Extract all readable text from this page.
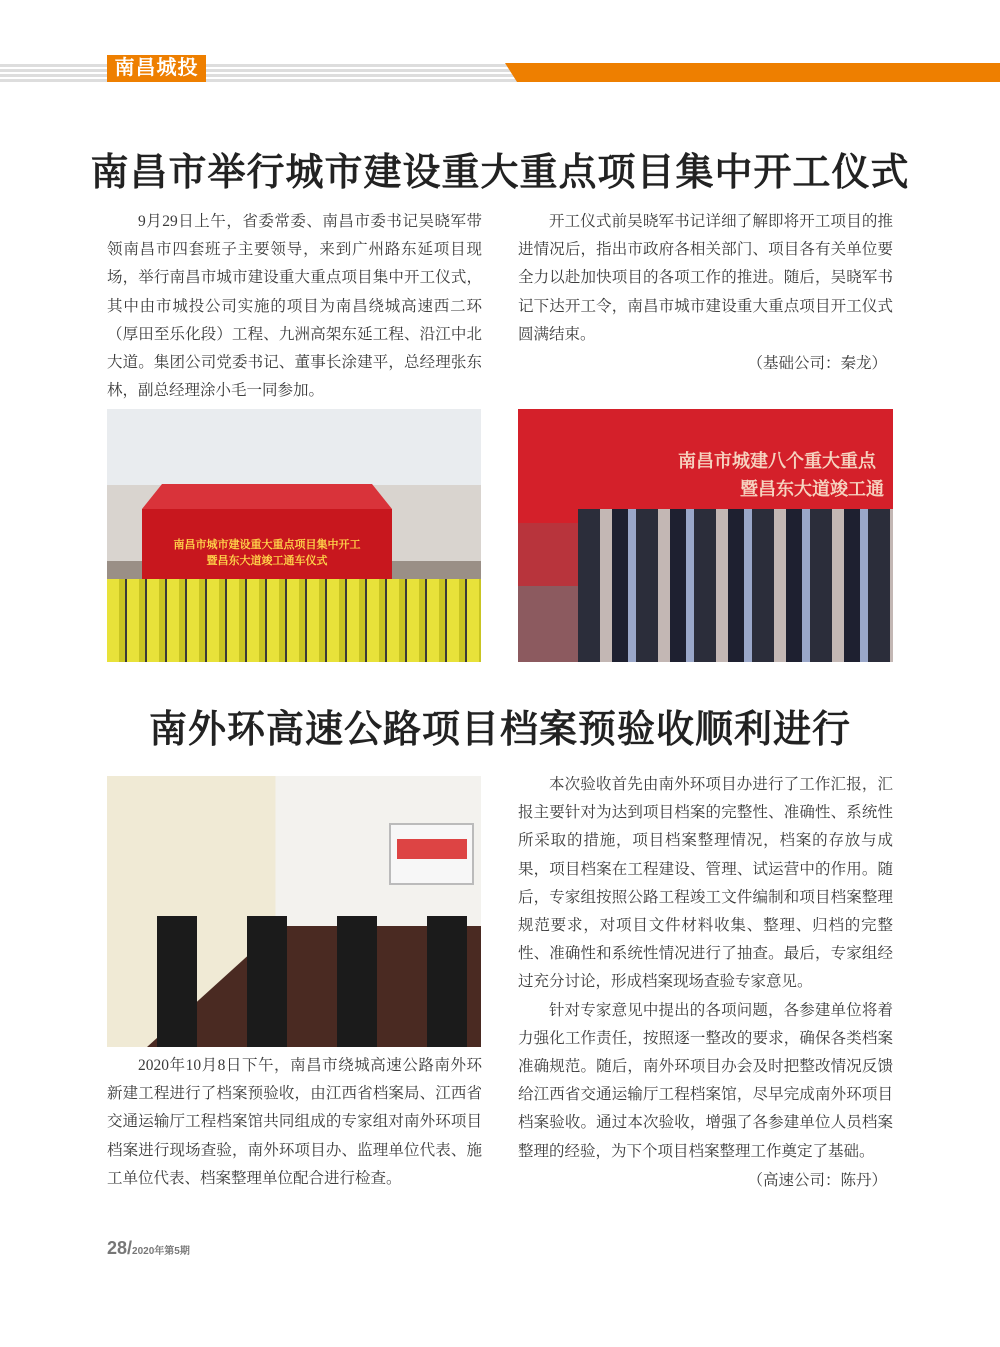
南昌城投
南昌市举行城市建设重大重点项目集中开工仪式

9月29日上午，省委常委、南昌市委书记吴晓军带领南昌市四套班子主要领导，来到广州路东延项目现场，举行南昌市城市建设重大重点项目集中开工仪式，其中由市城投公司实施的项目为南昌绕城高速西二环（厚田至乐化段）工程、九洲高架东延工程、沿江中北大道。集团公司党委书记、董事长涂建平，总经理张东林，副总经理涂小毛一同参加。

开工仪式前吴晓军书记详细了解即将开工项目的推进情况后，指出市政府各相关部门、项目各有关单位要全力以赴加快项目的各项工作的推进。随后，吴晓军书记下达开工令，南昌市城市建设重大重点项目开工仪式圆满结束。

（基础公司：秦龙）
南昌市城市建设重大重点项目集中开工
暨昌东大道竣工通车仪式
南昌市城建八个重大重点
暨昌东大道竣工通
南外环高速公路项目档案预验收顺利进行

2020年10月8日下午，南昌市绕城高速公路南外环新建工程进行了档案预验收，由江西省档案局、江西省交通运输厅工程档案馆共同组成的专家组对南外环项目档案进行现场查验，南外环项目办、监理单位代表、施工单位代表、档案整理单位配合进行检查。

本次验收首先由南外环项目办进行了工作汇报，汇报主要针对为达到项目档案的完整性、准确性、系统性所采取的措施，项目档案整理情况，档案的存放与成果，项目档案在工程建设、管理、试运营中的作用。随后，专家组按照公路工程竣工文件编制和项目档案整理规范要求，对项目文件材料收集、整理、归档的完整性、准确性和系统性情况进行了抽查。最后，专家组经过充分讨论，形成档案现场查验专家意见。

针对专家意见中提出的各项问题，各参建单位将着力强化工作责任，按照逐一整改的要求，确保各类档案准确规范。随后，南外环项目办会及时把整改情况反馈给江西省交通运输厅工程档案馆，尽早完成南外环项目档案验收。通过本次验收，增强了各参建单位人员档案整理的经验，为下个项目档案整理工作奠定了基础。

（高速公司：陈丹）
28/2020年第5期
